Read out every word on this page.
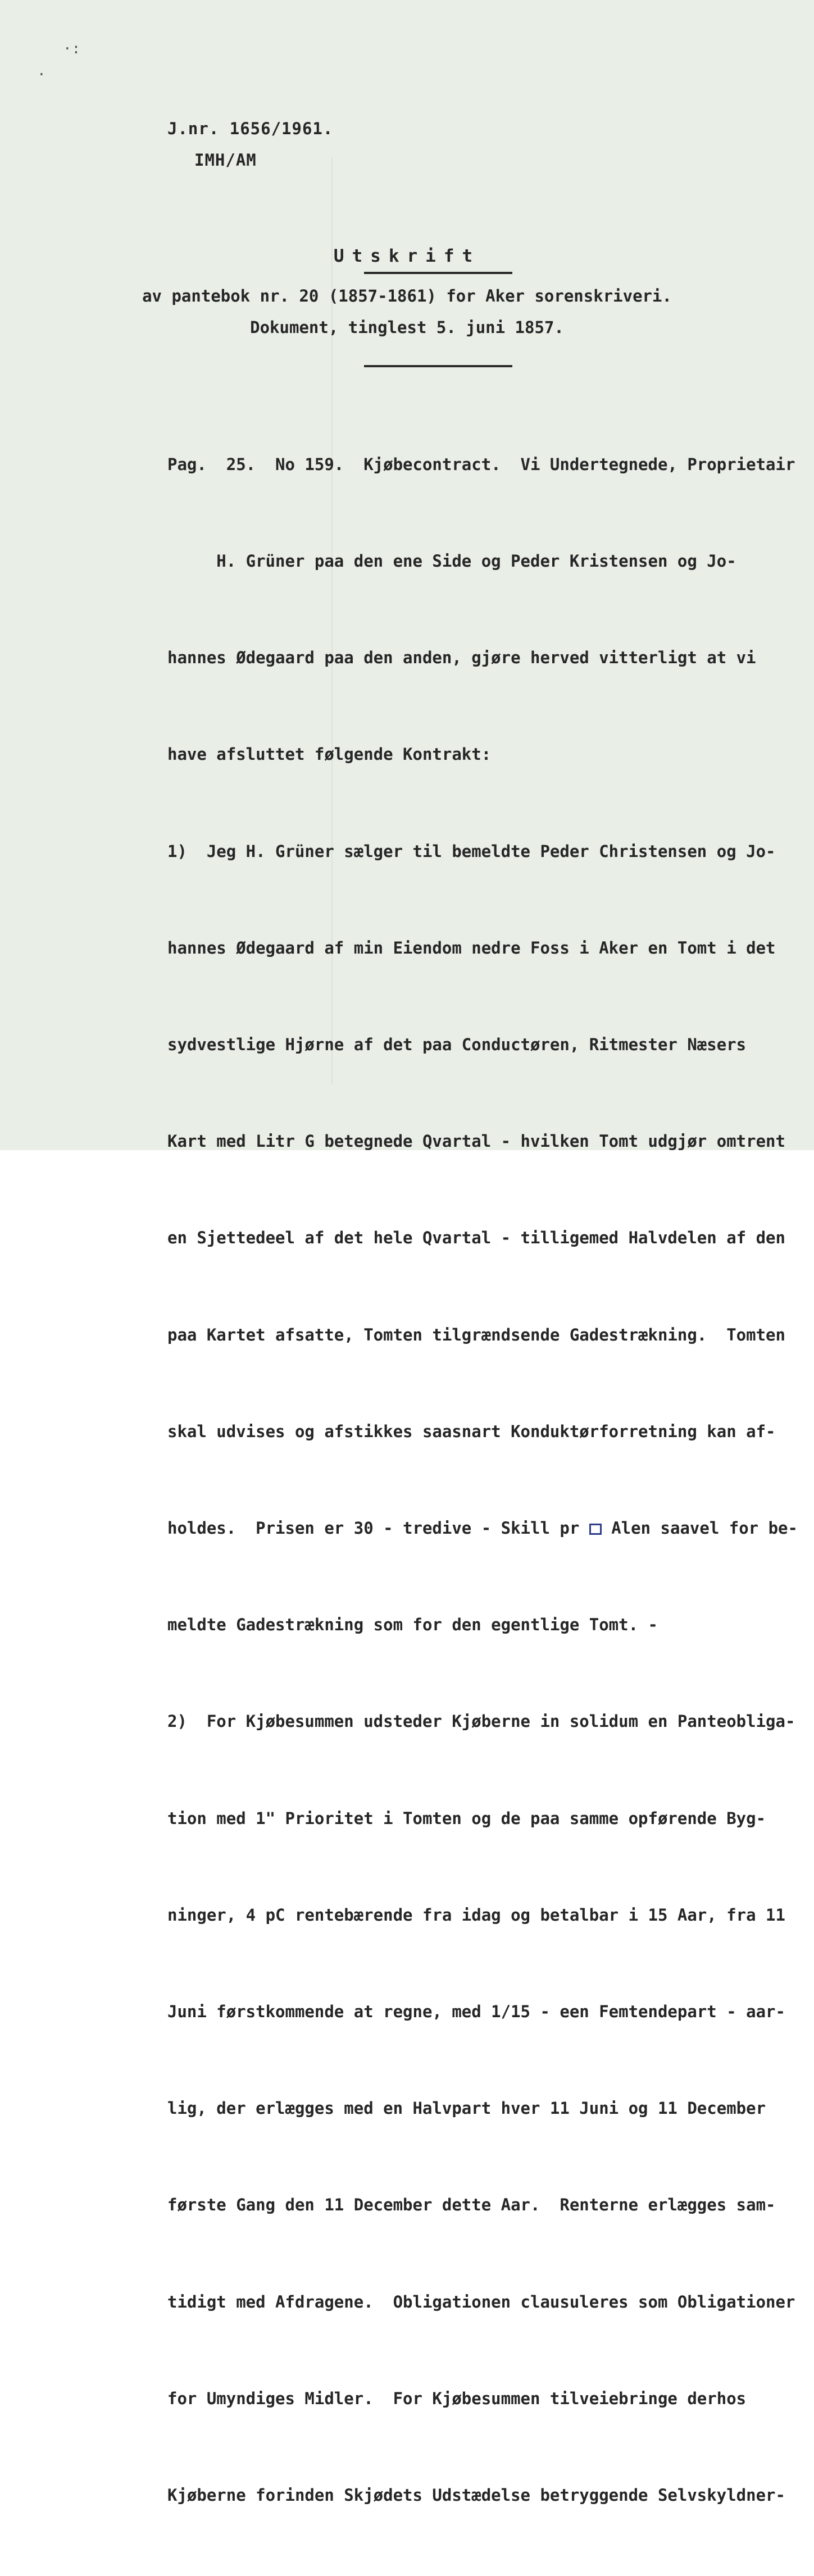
·:
·
J.nr. 1656/1961.
IMH/AM
Utskrift
av pantebok nr. 20 (1857-1861) for Aker sorenskriveri.
Dokument, tinglest 5. juni 1857.

Pag.  25.  No 159.  Kjøbecontract.  Vi Undertegnede, Proprietair

H. Grüner paa den ene Side og Peder Kristensen og Jo-

hannes Ødegaard paa den anden, gjøre herved vitterligt at vi

have afsluttet følgende Kontrakt:

1)  Jeg H. Grüner sælger til bemeldte Peder Christensen og Jo-

hannes Ødegaard af min Eiendom nedre Foss i Aker en Tomt i det

sydvestlige Hjørne af det paa Conductøren, Ritmester Næsers

Kart med Litr G betegnede Qvartal - hvilken Tomt udgjør omtrent

en Sjettedeel af det hele Qvartal - tilligemed Halvdelen af den

paa Kartet afsatte, Tomten tilgrændsende Gadestrækning.  Tomten

skal udvises og afstikkes saasnart Konduktørforretning kan af-

holdes.  Prisen er 30 - tredive - Skill pr  Alen saavel for be-

meldte Gadestrækning som for den egentlige Tomt. -

2)  For Kjøbesummen udsteder Kjøberne in solidum en Panteobliga-

tion med 1" Prioritet i Tomten og de paa samme opførende Byg-

ninger, 4 pC rentebærende fra idag og betalbar i 15 Aar, fra 11

Juni førstkommende at regne, med 1/15 - een Femtendepart - aar-

lig, der erlægges med en Halvpart hver 11 Juni og 11 December

første Gang den 11 December dette Aar.  Renterne erlægges sam-

tidigt med Afdragene.  Obligationen clausuleres som Obligationer

for Umyndiges Midler.  For Kjøbesummen tilveiebringe derhos

Kjøberne forinden Skjødets Udstædelse betryggende Selvskyldner-
